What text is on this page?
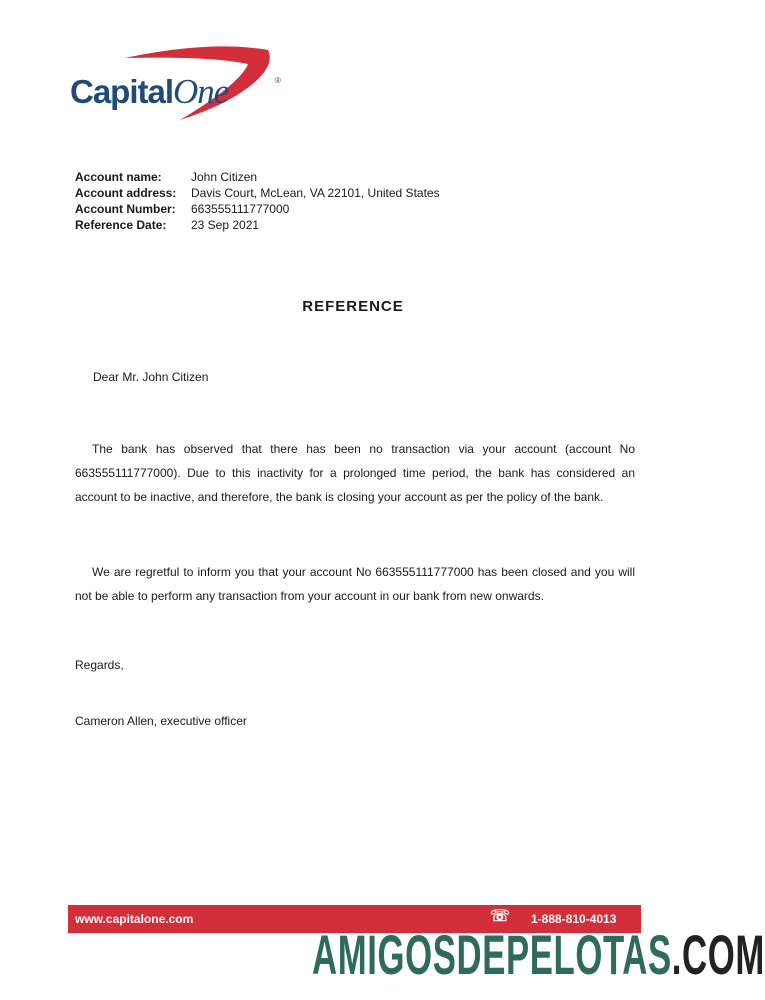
CapitalOne	®
Account name:	John Citizen
Account address:	Davis Court, McLean, VA 22101, United States
Account Number:	663555111777000
Reference Date:	23 Sep 2021
REFERENCE
Dear Mr. John Citizen
The bank has observed that there has been no transaction via your account (account No 663555111777000). Due to this inactivity for a prolonged time period, the bank has considered an account to be inactive, and therefore, the bank is closing your account as per the policy of the bank.
We are regretful to inform you that your account No 663555111777000 has been closed and you will not be able to perform any transaction from your account in our bank from new onwards.
Regards,
Cameron Allen, executive officer
www.capitalone.com	☏ 1-888-810-4013
AMIGOSDEPELOTAS.COM
